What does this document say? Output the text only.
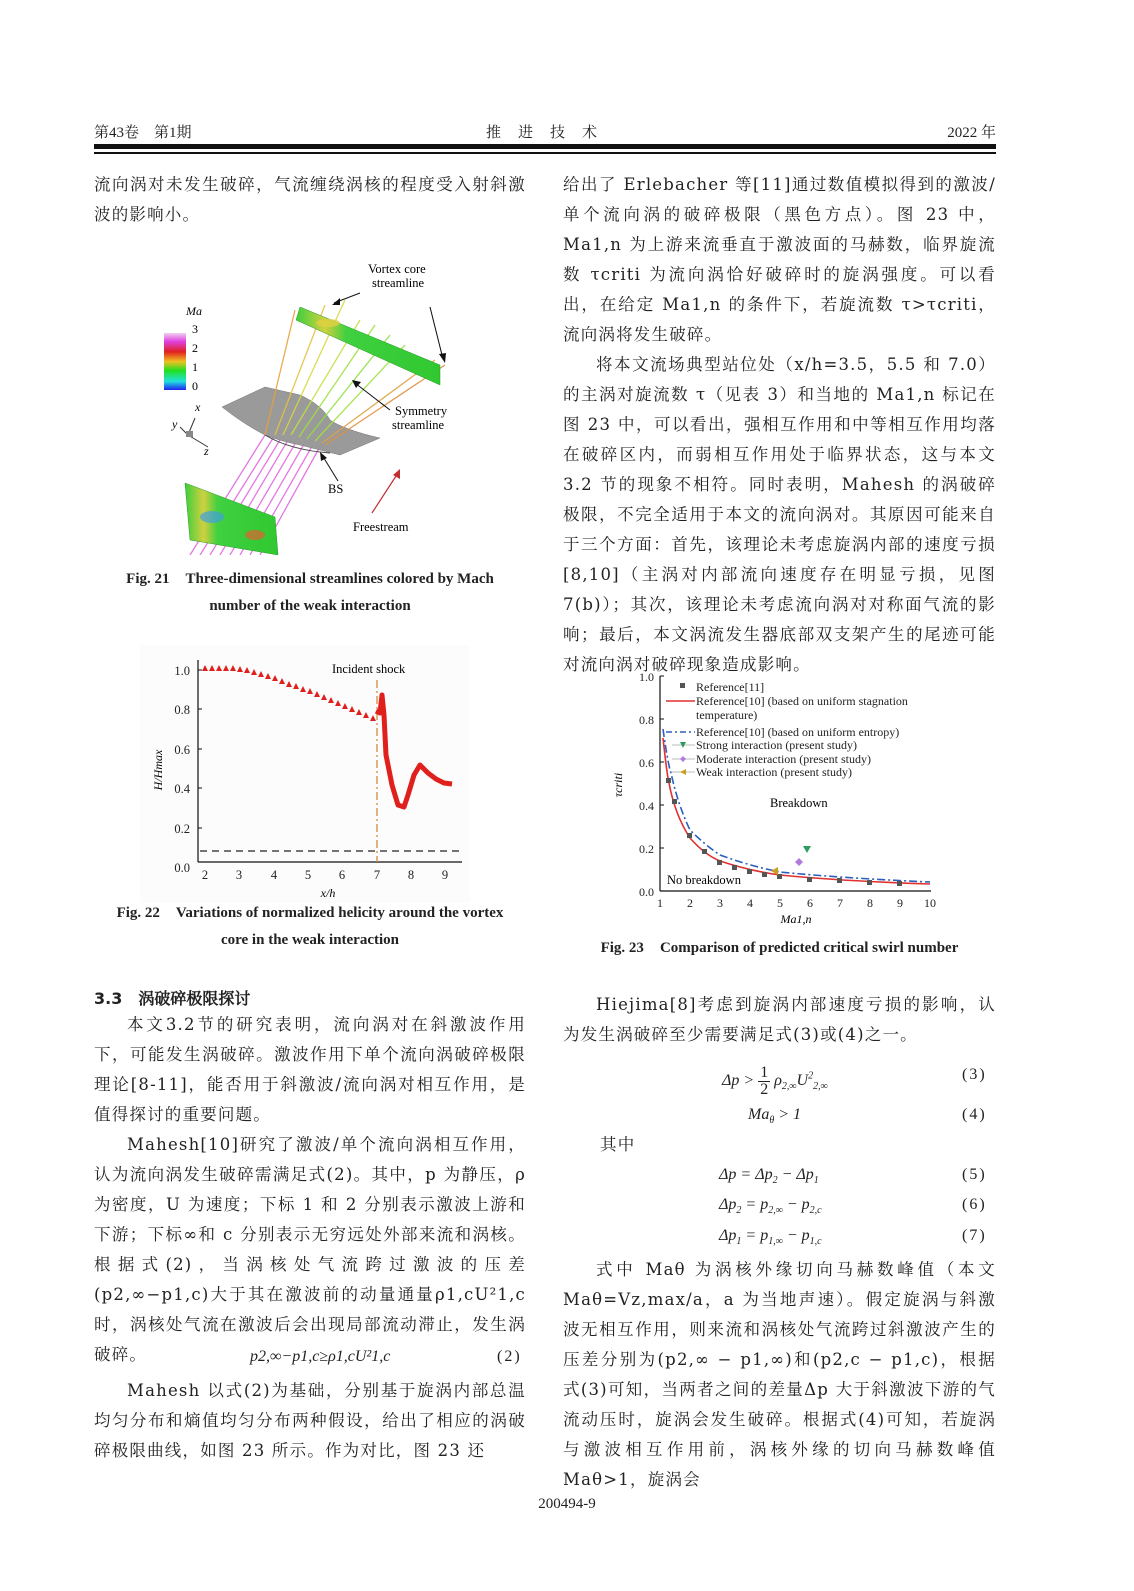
第43卷　第1期	推　进　技　术	2022 年

流向涡对未发生破碎，气流缠绕涡核的程度受入射斜激波的影响小。

Ma
3
2
1
0
x
y
z
Vortex core
streamline
Symmetry
streamline
BS
Freestream
Fig. 21 Three-dimensional streamlines colored by Mach
number of the weak interaction
1.0
0.8
0.6
0.4
0.2
0.0 2 3 4 5 6 7 8 9
x/h
H/Hmax
Incident shock
Fig. 22 Variations of normalized helicity around the vortex
core in the weak interaction
3.3　涡破碎极限探讨

本文3.2节的研究表明，流向涡对在斜激波作用下，可能发生涡破碎。激波作用下单个流向涡破碎极限理论[8-11]，能否用于斜激波/流向涡对相互作用，是值得探讨的重要问题。

Mahesh[10]研究了激波/单个流向涡相互作用，认为流向涡发生破碎需满足式(2)。其中，p 为静压，ρ 为密度，U 为速度；下标 1 和 2 分别表示激波上游和下游；下标∞和 c 分别表示无穷远处外部来流和涡核。根据式(2)，当涡核处气流跨过激波的压差(p2,∞−p1,c)大于其在激波前的动量通量ρ1,cU²1,c 时，涡核处气流在激波后会出现局部流动滞止，发生涡破碎。	p2,∞−p1,c≥ρ1,cU²1,c	(2)

Mahesh 以式(2)为基础，分别基于旋涡内部总温均匀分布和熵值均匀分布两种假设，给出了相应的涡破碎极限曲线，如图 23 所示。作为对比，图 23 还

给出了 Erlebacher 等[11]通过数值模拟得到的激波/单个流向涡的破碎极限（黑色方点）。图 23 中，Ma1,n 为上游来流垂直于激波面的马赫数，临界旋流数 τcriti 为流向涡恰好破碎时的旋涡强度。可以看出，在给定 Ma1,n 的条件下，若旋流数 τ>τcriti，流向涡将发生破碎。

将本文流场典型站位处（x/h=3.5，5.5 和 7.0）的主涡对旋流数 τ（见表 3）和当地的 Ma1,n 标记在图 23 中，可以看出，强相互作用和中等相互作用均落在破碎区内，而弱相互作用处于临界状态，这与本文 3.2 节的现象不相符。同时表明，Mahesh 的涡破碎极限，不完全适用于本文的流向涡对。其原因可能来自于三个方面：首先，该理论未考虑旋涡内部的速度亏损[8,10]（主涡对内部流向速度存在明显亏损，见图 7(b)）；其次，该理论未考虑流向涡对对称面气流的影响；最后，本文涡流发生器底部双支架产生的尾迹可能对流向涡对破碎现象造成影响。

1.0
0.8
0.6
0.4
0.2
0.0
1 2 3 4 5 6 7 8 9 10
Ma1,n
τcriti
Breakdown
No breakdown
Reference[11]
Reference[10] (based on uniform stagnation
temperature)
Reference[10] (based on uniform entropy)
Strong interaction (present study)
Moderate interaction (present study)
Weak interaction (present study)
Fig. 23 Comparison of predicted critical swirl number

Hiejima[8]考虑到旋涡内部速度亏损的影响，认为发生涡破碎至少需要满足式(3)或(4)之一。

$\Delta p > \frac{1}{2} \rho_{2,\infty}U^2_{2,\infty}$
(3)
$Ma_\theta > 1$	(4)
其中
$\Delta p = \Delta p_2 - \Delta p_1$	(5)
$\Delta p_2 = p_{2,\infty} - p_{2,c}$	(6)
$\Delta p_1 = p_{1,\infty} - p_{1,c}$	(7)

式中 Maθ 为涡核外缘切向马赫数峰值（本文 Maθ=Vz,max/a，a 为当地声速）。假定旋涡与斜激波无相互作用，则来流和涡核处气流跨过斜激波产生的压差分别为(p2,∞ − p1,∞)和(p2,c − p1,c)，根据式(3)可知，当两者之间的差量Δp 大于斜激波下游的气流动压时，旋涡会发生破碎。根据式(4)可知，若旋涡与激波相互作用前，涡核外缘的切向马赫数峰值 Maθ>1，旋涡会

200494-9
